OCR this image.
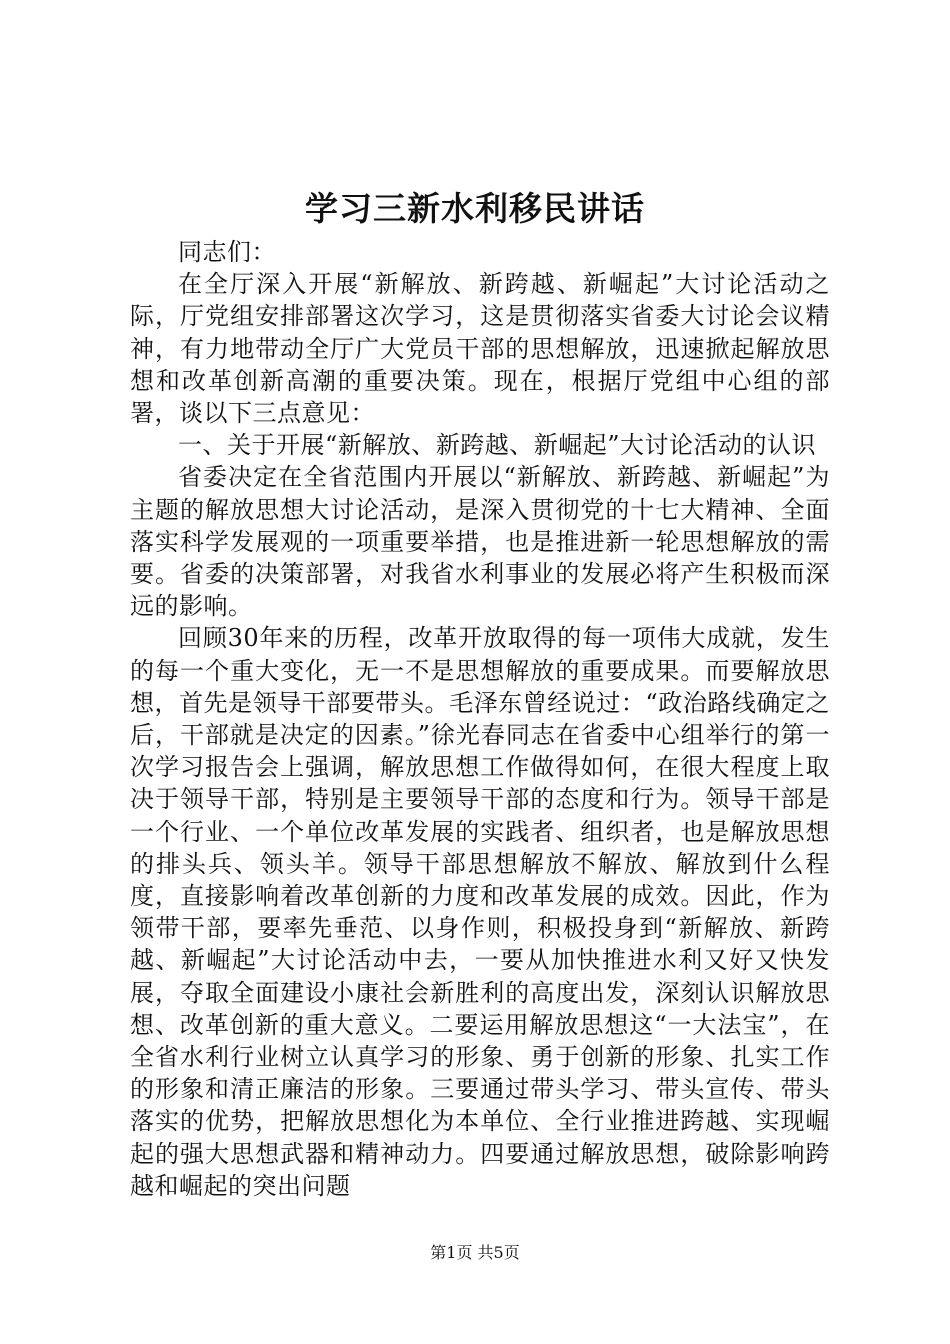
学习三新水利移民讲话

同志们：

在全厅深入开展“新解放、新跨越、新崛起”大讨论活动之际，厅党组安排部署这次学习，这是贯彻落实省委大讨论会议精神，有力地带动全厅广大党员干部的思想解放，迅速掀起解放思想和改革创新高潮的重要决策。现在，根据厅党组中心组的部署，谈以下三点意见：

一、关于开展“新解放、新跨越、新崛起”大讨论活动的认识

省委决定在全省范围内开展以“新解放、新跨越、新崛起”为主题的解放思想大讨论活动，是深入贯彻党的十七大精神、全面落实科学发展观的一项重要举措，也是推进新一轮思想解放的需要。省委的决策部署，对我省水利事业的发展必将产生积极而深远的影响。

回顾30年来的历程，改革开放取得的每一项伟大成就，发生的每一个重大变化，无一不是思想解放的重要成果。而要解放思想，首先是领导干部要带头。毛泽东曾经说过：“政治路线确定之后，干部就是决定的因素。”徐光春同志在省委中心组举行的第一次学习报告会上强调，解放思想工作做得如何，在很大程度上取决于领导干部，特别是主要领导干部的态度和行为。领导干部是一个行业、一个单位改革发展的实践者、组织者，也是解放思想的排头兵、领头羊。领导干部思想解放不解放、解放到什么程度，直接影响着改革创新的力度和改革发展的成效。因此，作为领带干部，要率先垂范、以身作则，积极投身到“新解放、新跨越、新崛起”大讨论活动中去，一要从加快推进水利又好又快发展，夺取全面建设小康社会新胜利的高度出发，深刻认识解放思想、改革创新的重大意义。二要运用解放思想这“一大法宝”，在全省水利行业树立认真学习的形象、勇于创新的形象、扎实工作的形象和清正廉洁的形象。三要通过带头学习、带头宣传、带头落实的优势，把解放思想化为本单位、全行业推进跨越、实现崛起的强大思想武器和精神动力。四要通过解放思想，破除影响跨越和崛起的突出问题

第1页 共5页
